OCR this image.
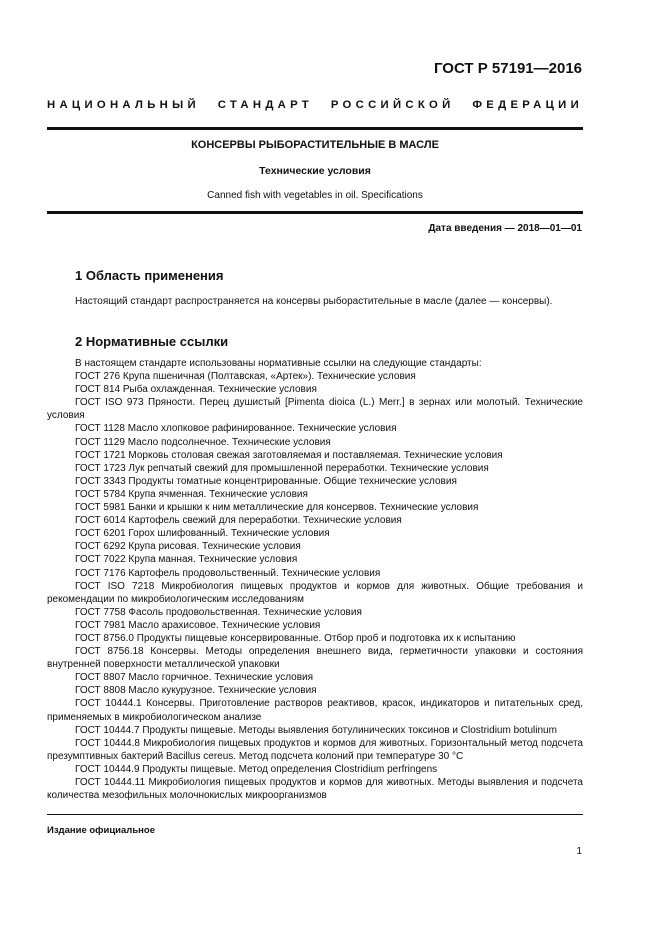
ГОСТ Р 57191—2016
НАЦИОНАЛЬНЫЙ СТАНДАРТ РОССИЙСКОЙ ФЕДЕРАЦИИ
КОНСЕРВЫ РЫБОРАСТИТЕЛЬНЫЕ В МАСЛЕ
Технические условия
Canned fish with vegetables in oil. Specifications
Дата введения — 2018—01—01
1 Область применения

Настоящий стандарт распространяется на консервы рыборастительные в масле (далее — консервы).

2 Нормативные ссылки
В настоящем стандарте использованы нормативные ссылки на следующие стандарты:
ГОСТ 276 Крупа пшеничная (Полтавская, «Артек»). Технические условия
ГОСТ 814 Рыба охлажденная. Технические условия
ГОСТ ISO 973 Пряности. Перец душистый [Pimenta dioica (L.) Merr.] в зернах или молотый. Технические условия
ГОСТ 1128 Масло хлопковое рафинированное. Технические условия
ГОСТ 1129 Масло подсолнечное. Технические условия
ГОСТ 1721 Морковь столовая свежая заготовляемая и поставляемая. Технические условия
ГОСТ 1723 Лук репчатый свежий для промышленной переработки. Технические условия
ГОСТ 3343 Продукты томатные концентрированные. Общие технические условия
ГОСТ 5784 Крупа ячменная. Технические условия
ГОСТ 5981 Банки и крышки к ним металлические для консервов. Технические условия
ГОСТ 6014 Картофель свежий для переработки. Технические условия
ГОСТ 6201 Горох шлифованный. Технические условия
ГОСТ 6292 Крупа рисовая. Технические условия
ГОСТ 7022 Крупа манная. Технические условия
ГОСТ 7176 Картофель продовольственный. Технические условия
ГОСТ ISO 7218 Микробиология пищевых продуктов и кормов для животных. Общие требования и рекомендации по микробиологическим исследованиям
ГОСТ 7758 Фасоль продовольственная. Технические условия
ГОСТ 7981 Масло арахисовое. Технические условия
ГОСТ 8756.0 Продукты пищевые консервированные. Отбор проб и подготовка их к испытанию
ГОСТ 8756.18 Консервы. Методы определения внешнего вида, герметичности упаковки и состояния внутренней поверхности металлической упаковки
ГОСТ 8807 Масло горчичное. Технические условия
ГОСТ 8808 Масло кукурузное. Технические условия
ГОСТ 10444.1 Консервы. Приготовление растворов реактивов, красок, индикаторов и питательных сред, применяемых в микробиологическом анализе
ГОСТ 10444.7 Продукты пищевые. Методы выявления ботулинических токсинов и Clostridium botulinum
ГОСТ 10444.8 Микробиология пищевых продуктов и кормов для животных. Горизонтальный метод подсчета презумптивных бактерий Bacillus cereus. Метод подсчета колоний при температуре 30 °С
ГОСТ 10444.9 Продукты пищевые. Метод определения Clostridium perfringens
ГОСТ 10444.11 Микробиология пищевых продуктов и кормов для животных. Методы выявления и подсчета количества мезофильных молочнокислых микроорганизмов
Издание официальное
1
